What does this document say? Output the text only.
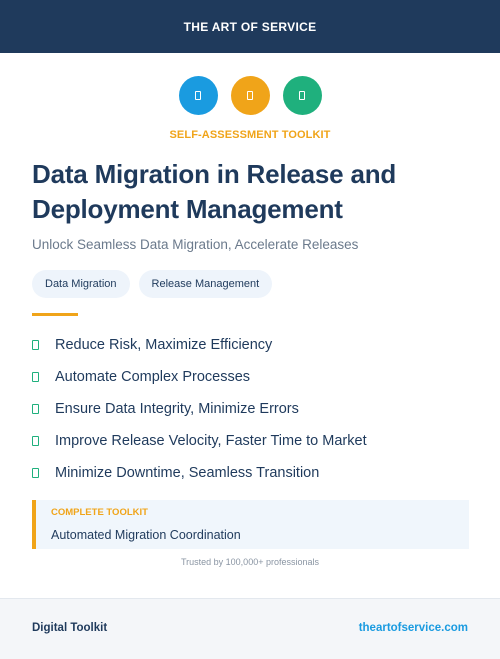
THE ART OF SERVICE
SELF-ASSESSMENT TOOLKIT
Data Migration in Release and Deployment Management
Unlock Seamless Data Migration, Accelerate Releases
Data Migration	Release Management
Reduce Risk, Maximize Efficiency
Automate Complex Processes
Ensure Data Integrity, Minimize Errors
Improve Release Velocity, Faster Time to Market
Minimize Downtime, Seamless Transition
COMPLETE TOOLKIT
Automated Migration Coordination
Trusted by 100,000+ professionals
Digital Toolkit	theartofservice.com
